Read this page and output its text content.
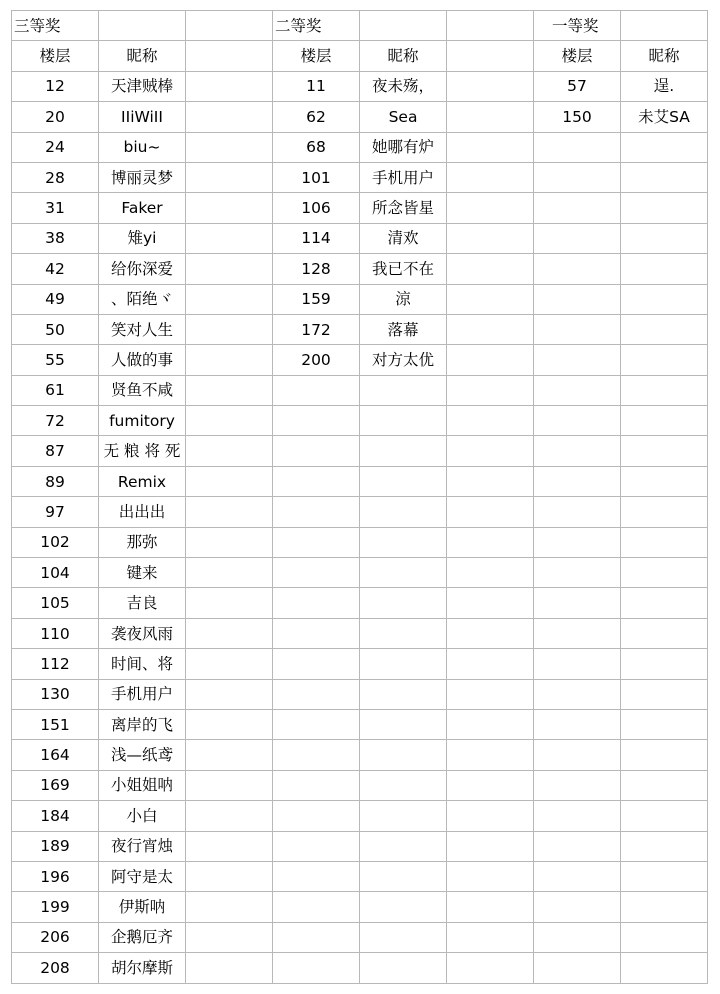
三等奖			二等奖			一等奖	
楼层	昵称		楼层	昵称		楼层	昵称
12	天津贼棒		11	夜未殇，		57	逞.
20	IIiWiII		62	Sea		150	未艾SA
24	biu~		68	她哪有炉			
28	博丽灵梦		101	手机用户			
31	Faker		106	所念皆星			
38	雉yi		114	清欢			
42	给你深爱		128	我已不在			
49	、陌绝ヾ		159	涼			
50	笑对人生		172	落幕			
55	人做的事		200	对方太优			
61	贤鱼不咸						
72	fumitory						
87	无 粮 将 死						
89	Remix						
97	出出出						
102	那弥						
104	键来						
105	吉良						
110	袭夜风雨						
112	时间、将						
130	手机用户						
151	离岸的飞						
164	浅—纸鸢						
169	小姐姐呐						
184	小白						
189	夜行宵烛						
196	阿守是太						
199	伊斯呐						
206	企鹅厄齐						
208	胡尔摩斯						
